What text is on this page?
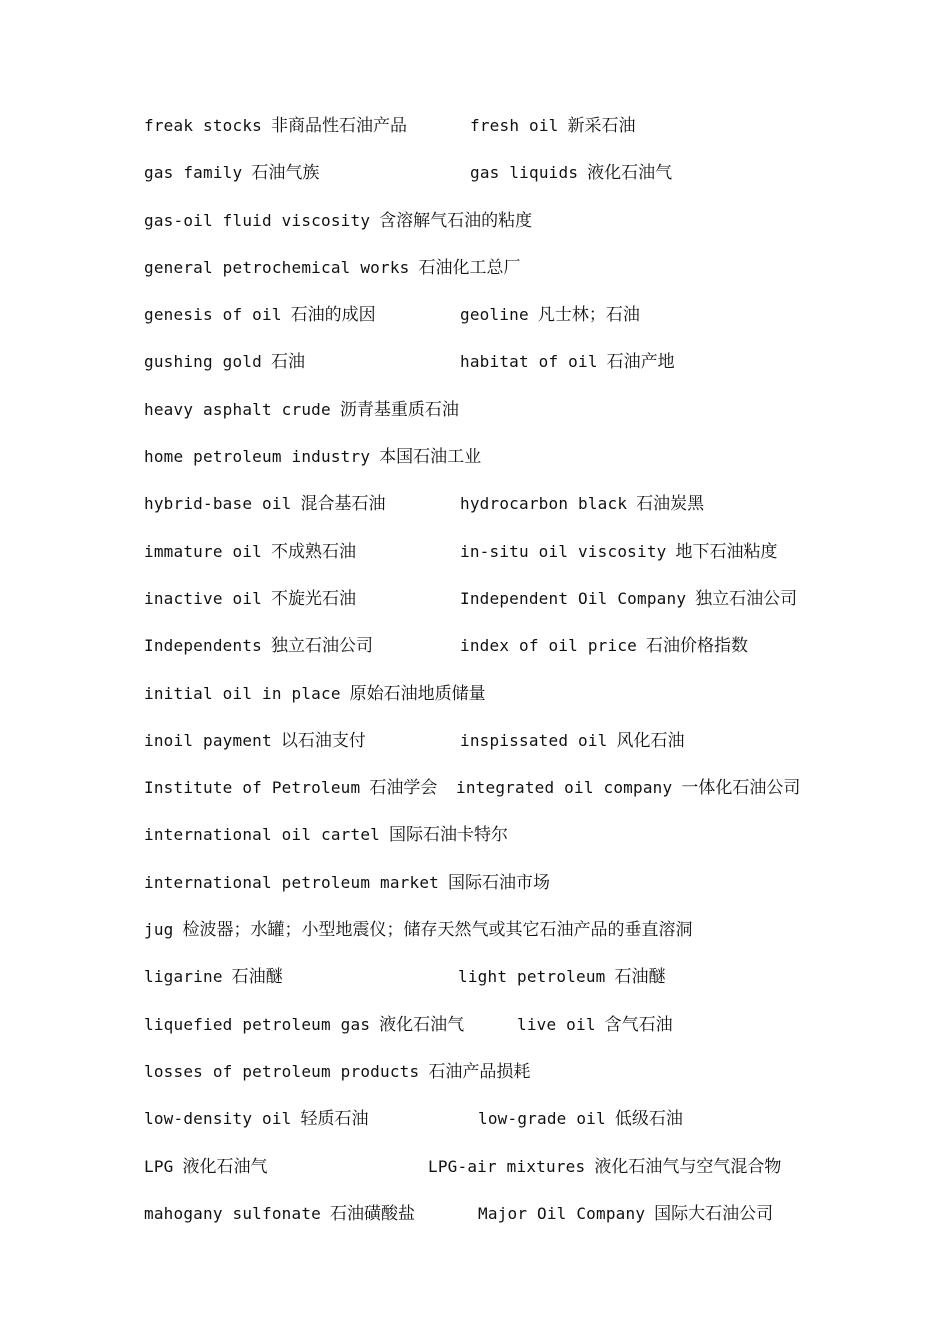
freak stocks 非商品性石油产品	fresh oil 新采石油
gas family 石油气族	gas liquids 液化石油气
gas-oil fluid viscosity 含溶解气石油的粘度
general petrochemical works 石油化工总厂
genesis of oil 石油的成因	geoline 凡士林；石油
gushing gold 石油	habitat of oil 石油产地
heavy asphalt crude 沥青基重质石油
home petroleum industry 本国石油工业
hybrid-base oil 混合基石油	hydrocarbon black 石油炭黑
immature oil 不成熟石油	in-situ oil viscosity 地下石油粘度
inactive oil 不旋光石油	Independent Oil Company 独立石油公司
Independents 独立石油公司	index of oil price 石油价格指数
initial oil in place 原始石油地质储量
inoil payment 以石油支付	inspissated oil 风化石油
Institute of Petroleum 石油学会 integrated oil company 一体化石油公司
international oil cartel 国际石油卡特尔
international petroleum market 国际石油市场
jug 检波器；水罐；小型地震仪；储存天然气或其它石油产品的垂直溶洞
ligarine 石油醚	light petroleum 石油醚
liquefied petroleum gas 液化石油气	live oil 含气石油
losses of petroleum products 石油产品损耗
low-density oil 轻质石油	low-grade oil 低级石油
LPG 液化石油气	LPG-air mixtures 液化石油气与空气混合物
mahogany sulfonate 石油磺酸盐	Major Oil Company 国际大石油公司
